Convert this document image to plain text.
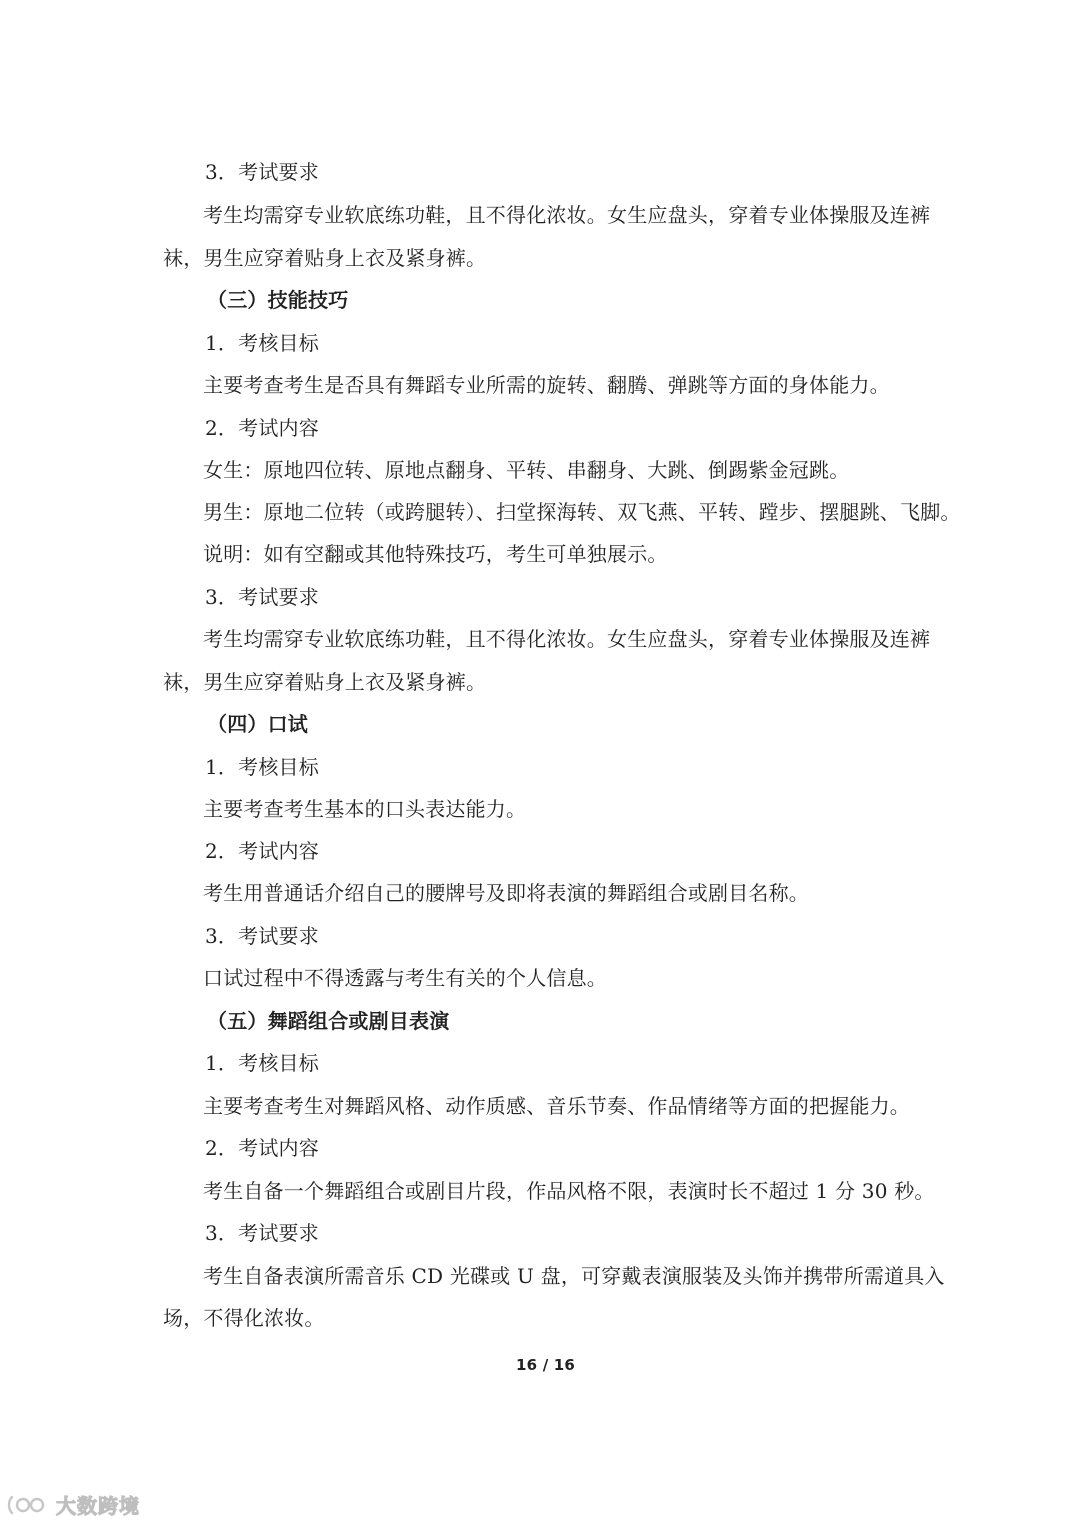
3．考试要求
考生均需穿专业软底练功鞋，且不得化浓妆。女生应盘头，穿着专业体操服及连裤
袜，男生应穿着贴身上衣及紧身裤。
（三）技能技巧
1．考核目标
主要考查考生是否具有舞蹈专业所需的旋转、翻腾、弹跳等方面的身体能力。
2．考试内容
女生：原地四位转、原地点翻身、平转、串翻身、大跳、倒踢紫金冠跳。
男生：原地二位转（或跨腿转）、扫堂探海转、双飞燕、平转、蹚步、摆腿跳、飞脚。
说明：如有空翻或其他特殊技巧，考生可单独展示。
3．考试要求
考生均需穿专业软底练功鞋，且不得化浓妆。女生应盘头，穿着专业体操服及连裤
袜，男生应穿着贴身上衣及紧身裤。
（四）口试
1．考核目标
主要考查考生基本的口头表达能力。
2．考试内容
考生用普通话介绍自己的腰牌号及即将表演的舞蹈组合或剧目名称。
3．考试要求
口试过程中不得透露与考生有关的个人信息。
（五）舞蹈组合或剧目表演
1．考核目标
主要考查考生对舞蹈风格、动作质感、音乐节奏、作品情绪等方面的把握能力。
2．考试内容
考生自备一个舞蹈组合或剧目片段，作品风格不限，表演时长不超过 1 分 30 秒。
3．考试要求
考生自备表演所需音乐 CD 光碟或 U 盘，可穿戴表演服装及头饰并携带所需道具入
场，不得化浓妆。
16 / 16
大数跨境
